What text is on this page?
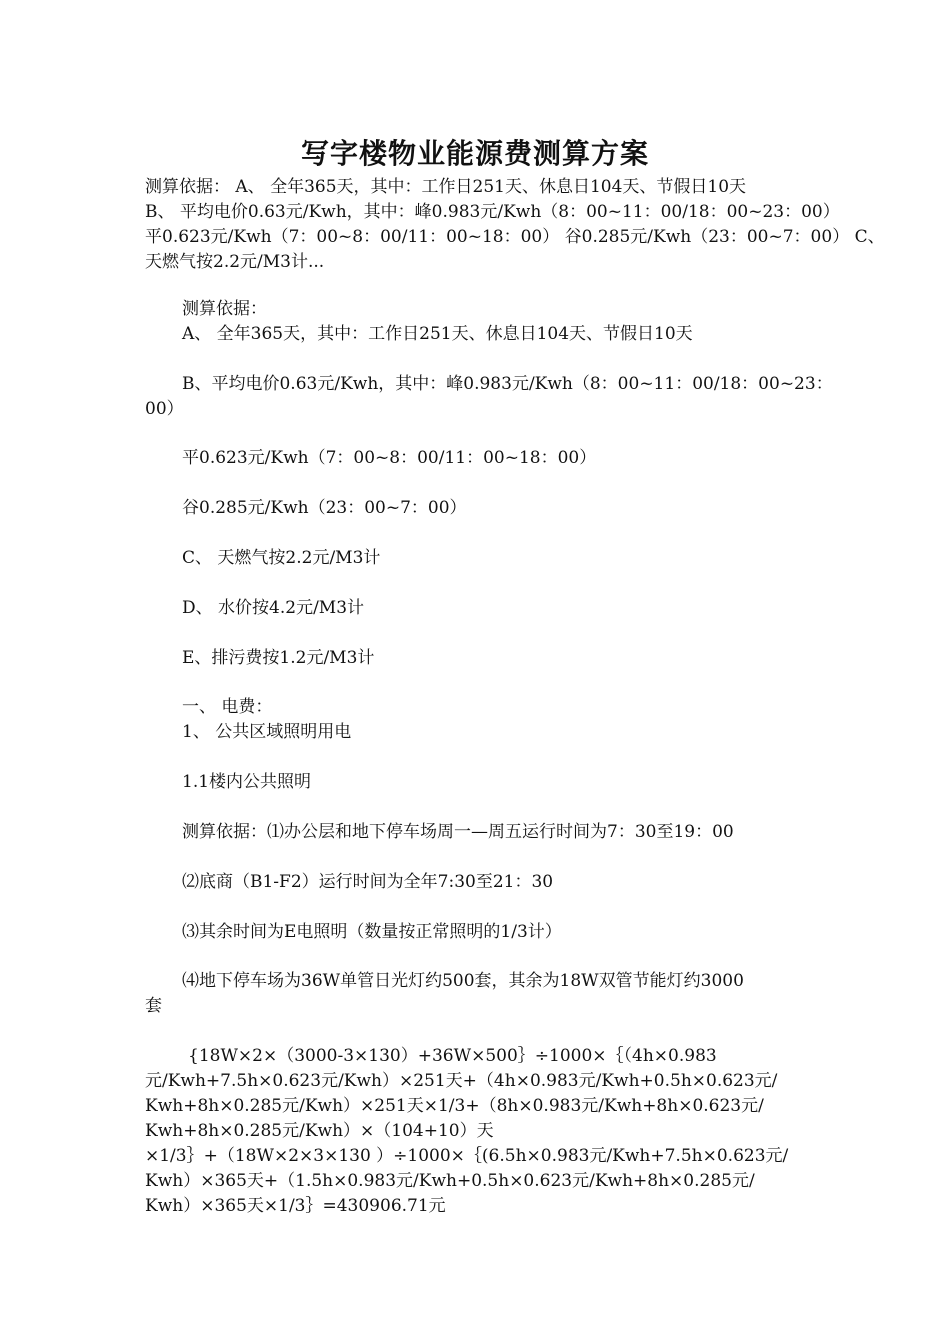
写字楼物业能源费测算方案
测算依据： A、 全年365天，其中：工作日251天、休息日104天、节假日10天
B、 平均电价0.63元/Kwh，其中：峰0.983元/Kwh（8：00~11：00/18：00~23：00）
平0.623元/Kwh（7：00~8：00/11：00~18：00） 谷0.285元/Kwh（23：00~7：00） C、
天燃气按2.2元/M3计...
测算依据：
A、 全年365天，其中：工作日251天、休息日104天、节假日10天
B、平均电价0.63元/Kwh，其中：峰0.983元/Kwh（8：00~11：00/18：00~23：
00）
平0.623元/Kwh（7：00~8：00/11：00~18：00）
谷0.285元/Kwh（23：00~7：00）
C、 天燃气按2.2元/M3计
D、 水价按4.2元/M3计
E、排污费按1.2元/M3计
一、 电费：
1、 公共区域照明用电
1.1楼内公共照明
测算依据：⑴办公层和地下停车场周一—周五运行时间为7：30至19：00
⑵底商（B1-F2）运行时间为全年7:30至21：30
⑶其余时间为E电照明（数量按正常照明的1/3计）
⑷地下停车场为36W单管日光灯约500套，其余为18W双管节能灯约3000
套
{18W×2×（3000-3×130）+36W×500｝÷1000×｛（4h×0.983
元/Kwh+7.5h×0.623元/Kwh）×251天+（4h×0.983元/Kwh+0.5h×0.623元/
Kwh+8h×0.285元/Kwh）×251天×1/3+（8h×0.983元/Kwh+8h×0.623元/
Kwh+8h×0.285元/Kwh）×（104+10）天
×1/3｝+（18W×2×3×130 ）÷1000×｛(6.5h×0.983元/Kwh+7.5h×0.623元/
Kwh）×365天+（1.5h×0.983元/Kwh+0.5h×0.623元/Kwh+8h×0.285元/
Kwh）×365天×1/3｝=430906.71元
